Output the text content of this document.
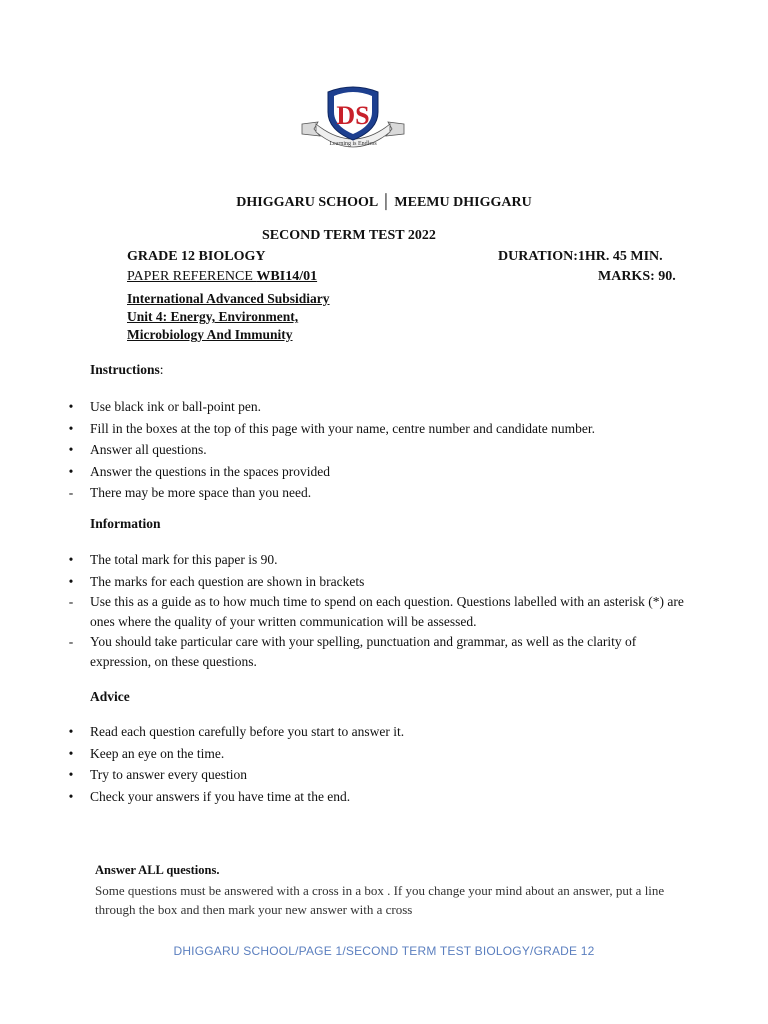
DS
Learning is Endless
DHIGGARU SCHOOL │ MEEMU DHIGGARU
SECOND TERM TEST 2022
GRADE 12 BIOLOGY	DURATION:1HR. 45 MIN.
PAPER REFERENCE WBI14/01	MARKS: 90.
International Advanced Subsidiary
Unit 4: Energy, Environment,
Microbiology And Immunity
Instructions:
•	Use black ink or ball-point pen.
•	Fill in the boxes at the top of this page with your name, centre number and candidate number.
•	Answer all questions.
•	Answer the questions in the spaces provided
-	There may be more space than you need.
Information
•	The total mark for this paper is 90.
•	The marks for each question are shown in brackets
-	Use this as a guide as to how much time to spend on each question. Questions labelled with an asterisk (*) are ones where the quality of your written communication will be assessed.
-	You should take particular care with your spelling, punctuation and grammar, as well as the clarity of expression, on these questions.
Advice
•	Read each question carefully before you start to answer it.
•	Keep an eye on the time.
•	Try to answer every question
•	Check your answers if you have time at the end.
Answer ALL questions.
Some questions must be answered with a cross in a box . If you change your mind about an answer, put a line through the box and then mark your new answer with a cross
DHIGGARU SCHOOL/PAGE 1/SECOND TERM TEST BIOLOGY/GRADE 12
